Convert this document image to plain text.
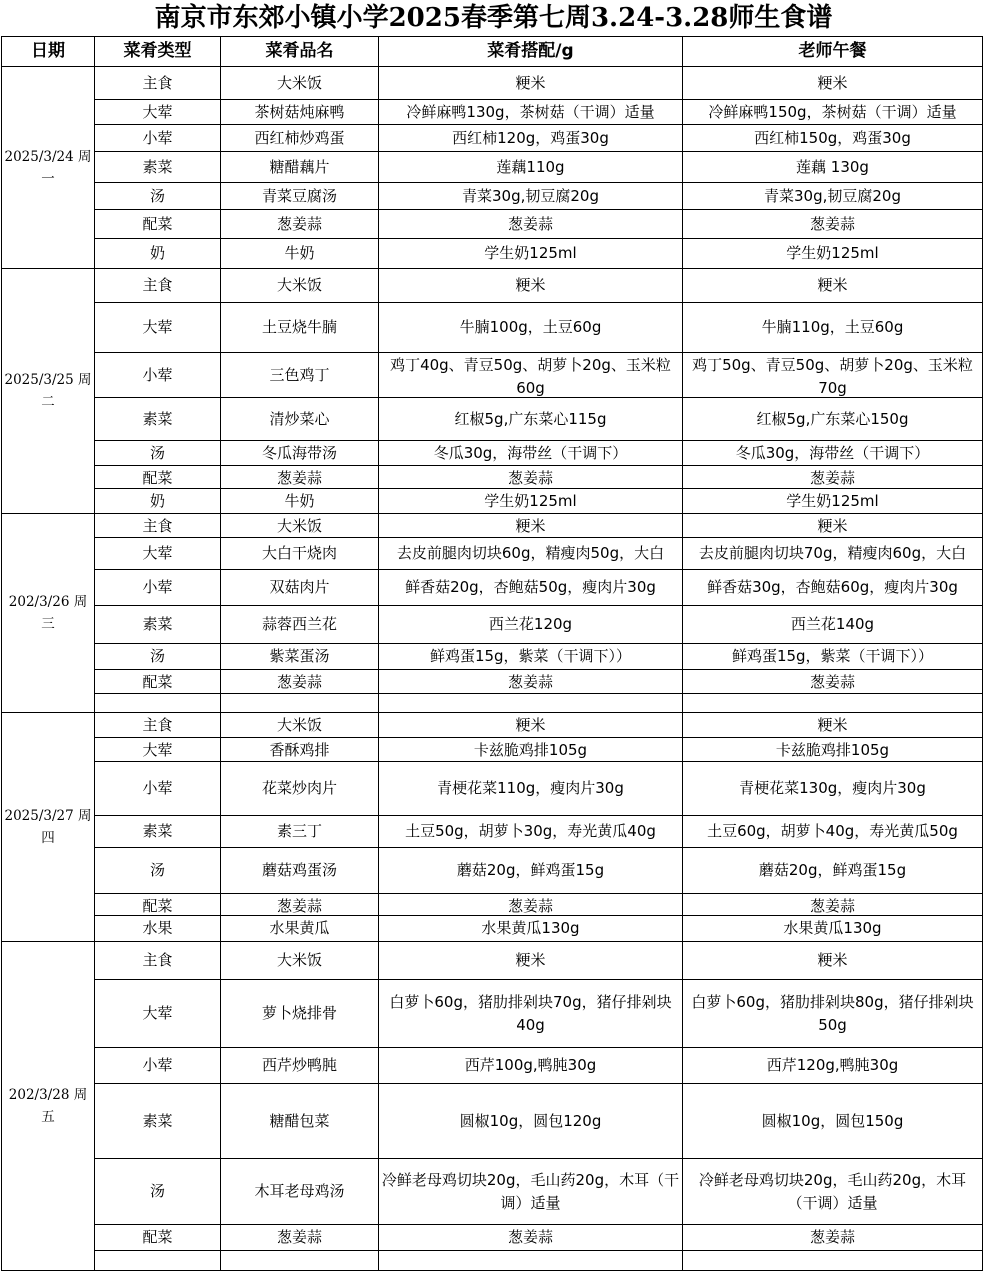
南京市东郊小镇小学2025春季第七周3.24-3.28师生食谱
日期	菜肴类型	菜肴品名	菜肴搭配/g	老师午餐
2025/3/24 周一	主食	大米饭	粳米	粳米

	大荤	茶树菇炖麻鸭	冷鲜麻鸭130g，茶树菇（干调）适量	冷鲜麻鸭150g，茶树菇（干调）适量

	小荤	西红柿炒鸡蛋	西红柿120g，鸡蛋30g	西红柿150g，鸡蛋30g

	素菜	糖醋藕片	莲藕110g	莲藕 130g

	汤	青菜豆腐汤	青菜30g,韧豆腐20g	青菜30g,韧豆腐20g

	配菜	葱姜蒜	葱姜蒜	葱姜蒜

	奶	牛奶	学生奶125ml	学生奶125ml

2025/3/25 周二	主食	大米饭	粳米	粳米

	大荤	土豆烧牛腩	牛腩100g，土豆60g	牛腩110g，土豆60g

	小荤	三色鸡丁	鸡丁40g、青豆50g、胡萝卜20g、玉米粒60g	鸡丁50g、青豆50g、胡萝卜20g、玉米粒70g

	素菜	清炒菜心	红椒5g,广东菜心115g	红椒5g,广东菜心150g

	汤	冬瓜海带汤	冬瓜30g，海带丝（干调下）	冬瓜30g，海带丝（干调下）

	配菜	葱姜蒜	葱姜蒜	葱姜蒜

	奶	牛奶	学生奶125ml	学生奶125ml

202/3/26 周三	主食	大米饭	粳米	粳米

	大荤	大白干烧肉	去皮前腿肉切块60g，精瘦肉50g，大白	去皮前腿肉切块70g，精瘦肉60g，大白

	小荤	双菇肉片	鲜香菇20g，杏鲍菇50g，瘦肉片30g	鲜香菇30g，杏鲍菇60g，瘦肉片30g

	素菜	蒜蓉西兰花	西兰花120g	西兰花140g

	汤	紫菜蛋汤	鲜鸡蛋15g，紫菜（干调下））	鲜鸡蛋15g，紫菜（干调下））

	配菜	葱姜蒜	葱姜蒜	葱姜蒜

2025/3/27 周四	主食	大米饭	粳米	粳米

	大荤	香酥鸡排	卡兹脆鸡排105g	卡兹脆鸡排105g

	小荤	花菜炒肉片	青梗花菜110g，瘦肉片30g	青梗花菜130g，瘦肉片30g

	素菜	素三丁	土豆50g，胡萝卜30g，寿光黄瓜40g	土豆60g，胡萝卜40g，寿光黄瓜50g

	汤	蘑菇鸡蛋汤	蘑菇20g，鲜鸡蛋15g	蘑菇20g，鲜鸡蛋15g

	配菜	葱姜蒜	葱姜蒜	葱姜蒜

	水果	水果黄瓜	水果黄瓜130g	水果黄瓜130g

202/3/28 周五	主食	大米饭	粳米	粳米

	大荤	萝卜烧排骨	白萝卜60g，猪肋排剁块70g，猪仔排剁块40g	白萝卜60g，猪肋排剁块80g，猪仔排剁块50g

	小荤	西芹炒鸭肫	西芹100g,鸭肫30g	西芹120g,鸭肫30g

	素菜	糖醋包菜	圆椒10g，圆包120g	圆椒10g，圆包150g

	汤	木耳老母鸡汤	冷鲜老母鸡切块20g，毛山药20g，木耳（干调）适量	冷鲜老母鸡切块20g，毛山药20g，木耳（干调）适量

	配菜	葱姜蒜	葱姜蒜	葱姜蒜
